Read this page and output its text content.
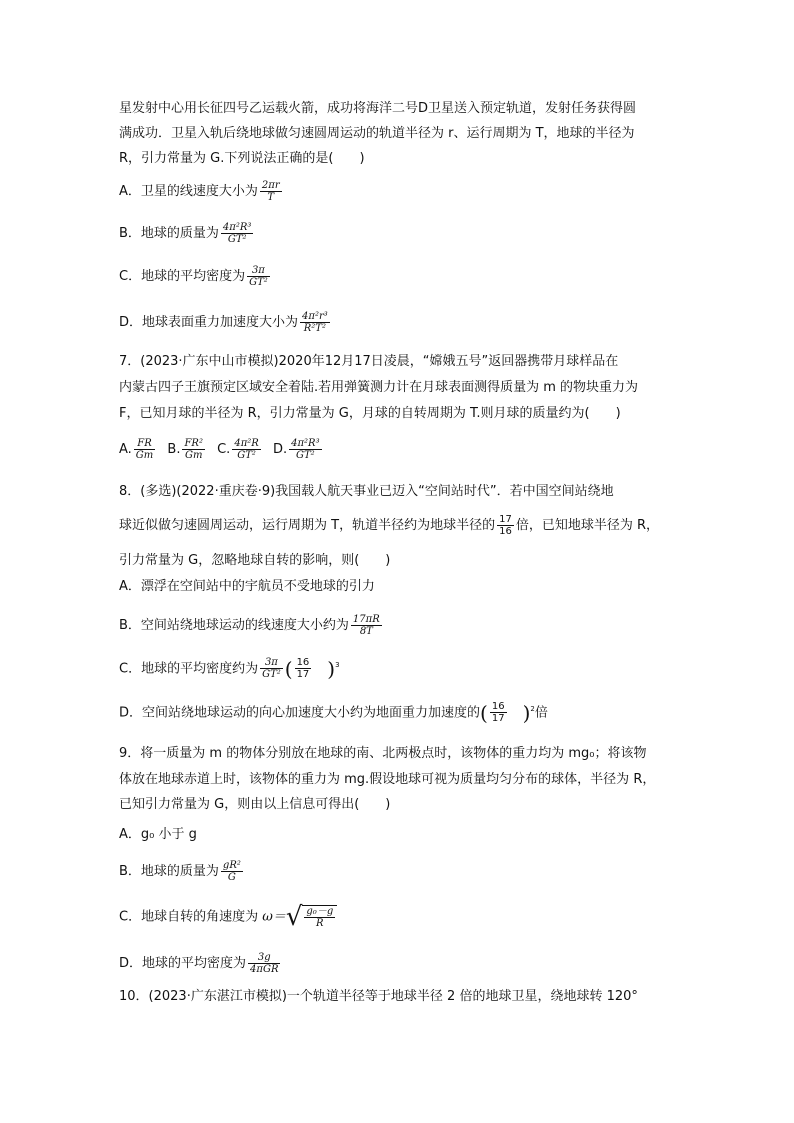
星发射中心用长征四号乙运载火箭，成功将海洋二号D卫星送入预定轨道，发射任务获得圆
满成功．卫星入轨后绕地球做匀速圆周运动的轨道半径为 r、运行周期为 T，地球的半径为
R，引力常量为 G.下列说法正确的是(　　)
A．卫星的线速度大小为 $\frac{2\pi r}{T}$
B．地球的质量为 $\frac{\text{4π²R³}}{\text{GT²}}$
C．地球的平均密度为 $\frac{3\pi}{\text{GT²}}$
D．地球表面重力加速度大小为 $\frac{\text{4π²r³}}{\text{R²T²}}$
7．(2023·广东中山市模拟)2020年12月17日凌晨，“嫦娥五号”返回器携带月球样品在
内蒙古四子王旗预定区域安全着陆.若用弹簧测力计在月球表面测得质量为 m 的物块重力为
F，已知月球的半径为 R，引力常量为 G，月球的自转周期为 T.则月球的质量约为(　　)
A. $\frac{FR}{Gm} B$. $\frac{\text{FR²}}{Gm} C$. $\frac{\text{4π²R}}{\text{GT²}} D$. $\frac{\text{4π²R³}}{\text{GT²}}$
8．(多选)(2022·重庆卷·9)我国载人航天事业已迈入“空间站时代”．若中国空间站绕地
球近似做匀速圆周运动，运行周期为 T，轨道半径约为地球半径的 $\frac{17}{16}$ 倍，已知地球半径为 R，
引力常量为 G，忽略地球自转的影响，则(　　)
A．漂浮在空间站中的宇航员不受地球的引力
B．空间站绕地球运动的线速度大小约为 $\frac{17\pi R}{8T}$
C．地球的平均密度约为 $\frac{3\pi}{\text{GT²}}$ ( $\frac{16}{17} )^3$
D．空间站绕地球运动的向心加速度大小约为地面重力加速度的( $\frac{16}{17} )^2$倍
9．将一质量为 m 的物体分别放在地球的南、北两极点时，该物体的重力均为 mg₀；将该物
体放在地球赤道上时，该物体的重力为 mg.假设地球可视为质量均匀分布的球体，半径为 R，
已知引力常量为 G，则由以上信息可得出(　　)
A．g₀ 小于 g
B．地球的质量为 $\frac{\text{gR²}}{G}$
C．地球自转的角速度为 $\omega=√ \frac{\text{g₀－g}}{R}$
D．地球的平均密度为 $\frac{3g}{\text{4πGR}}$
10．(2023·广东湛江市模拟)一个轨道半径等于地球半径 2 倍的地球卫星，绕地球转 120°
